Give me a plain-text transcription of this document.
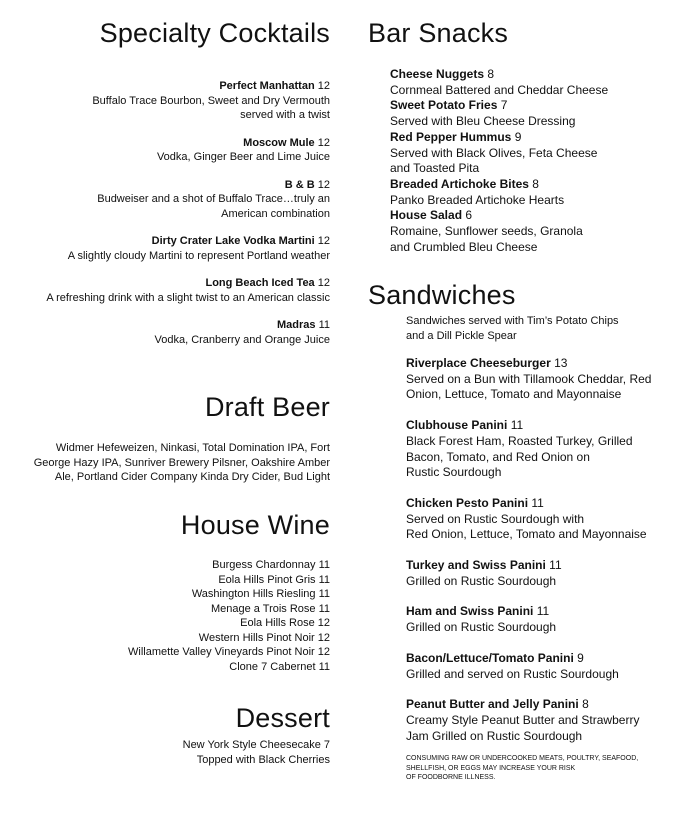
Specialty Cocktails
Perfect Manhattan 12
Buffalo Trace Bourbon, Sweet and Dry Vermouth
served with a twist
Moscow Mule 12
Vodka, Ginger Beer and Lime Juice
B & B 12
Budweiser and a shot of Buffalo Trace…truly an
American combination
Dirty Crater Lake Vodka Martini 12
A slightly cloudy Martini to represent Portland weather
Long Beach Iced Tea 12
A refreshing drink with a slight twist to an American classic
Madras 11
Vodka, Cranberry and Orange Juice
Draft Beer
Widmer Hefeweizen, Ninkasi, Total Domination IPA, Fort
George Hazy IPA, Sunriver Brewery Pilsner, Oakshire Amber
Ale, Portland Cider Company Kinda Dry Cider, Bud Light
House Wine
Burgess Chardonnay 11
Eola Hills Pinot Gris 11
Washington Hills Riesling 11
Menage a Trois Rose 11
Eola Hills Rose 12
Western Hills Pinot Noir 12
Willamette Valley Vineyards Pinot Noir 12
Clone 7 Cabernet 11
Dessert
New York Style Cheesecake 7
Topped with Black Cherries
Bar Snacks
Cheese Nuggets 8
Cornmeal Battered and Cheddar Cheese
Sweet Potato Fries 7
Served with Bleu Cheese Dressing
Red Pepper Hummus 9
Served with Black Olives, Feta Cheese
and Toasted Pita
Breaded Artichoke Bites 8
Panko Breaded Artichoke Hearts
House Salad 6
Romaine, Sunflower seeds, Granola
and Crumbled Bleu Cheese
Sandwiches
Sandwiches served with Tim’s Potato Chips
and a Dill Pickle Spear
Riverplace Cheeseburger 13
Served on a Bun with Tillamook Cheddar, Red
Onion, Lettuce, Tomato and Mayonnaise
Clubhouse Panini 11
Black Forest Ham, Roasted Turkey, Grilled
Bacon, Tomato, and Red Onion on
Rustic Sourdough
Chicken Pesto Panini 11
Served on Rustic Sourdough with
Red Onion, Lettuce, Tomato and Mayonnaise
Turkey and Swiss Panini 11
Grilled on Rustic Sourdough
Ham and Swiss Panini 11
Grilled on Rustic Sourdough
Bacon/Lettuce/Tomato Panini 9
Grilled and served on Rustic Sourdough
Peanut Butter and Jelly Panini 8
Creamy Style Peanut Butter and Strawberry
Jam Grilled on Rustic Sourdough
CONSUMING RAW OR UNDERCOOKED MEATS, POULTRY, SEAFOOD,
SHELLFISH, OR EGGS MAY INCREASE YOUR RISK
OF FOODBORNE ILLNESS.
